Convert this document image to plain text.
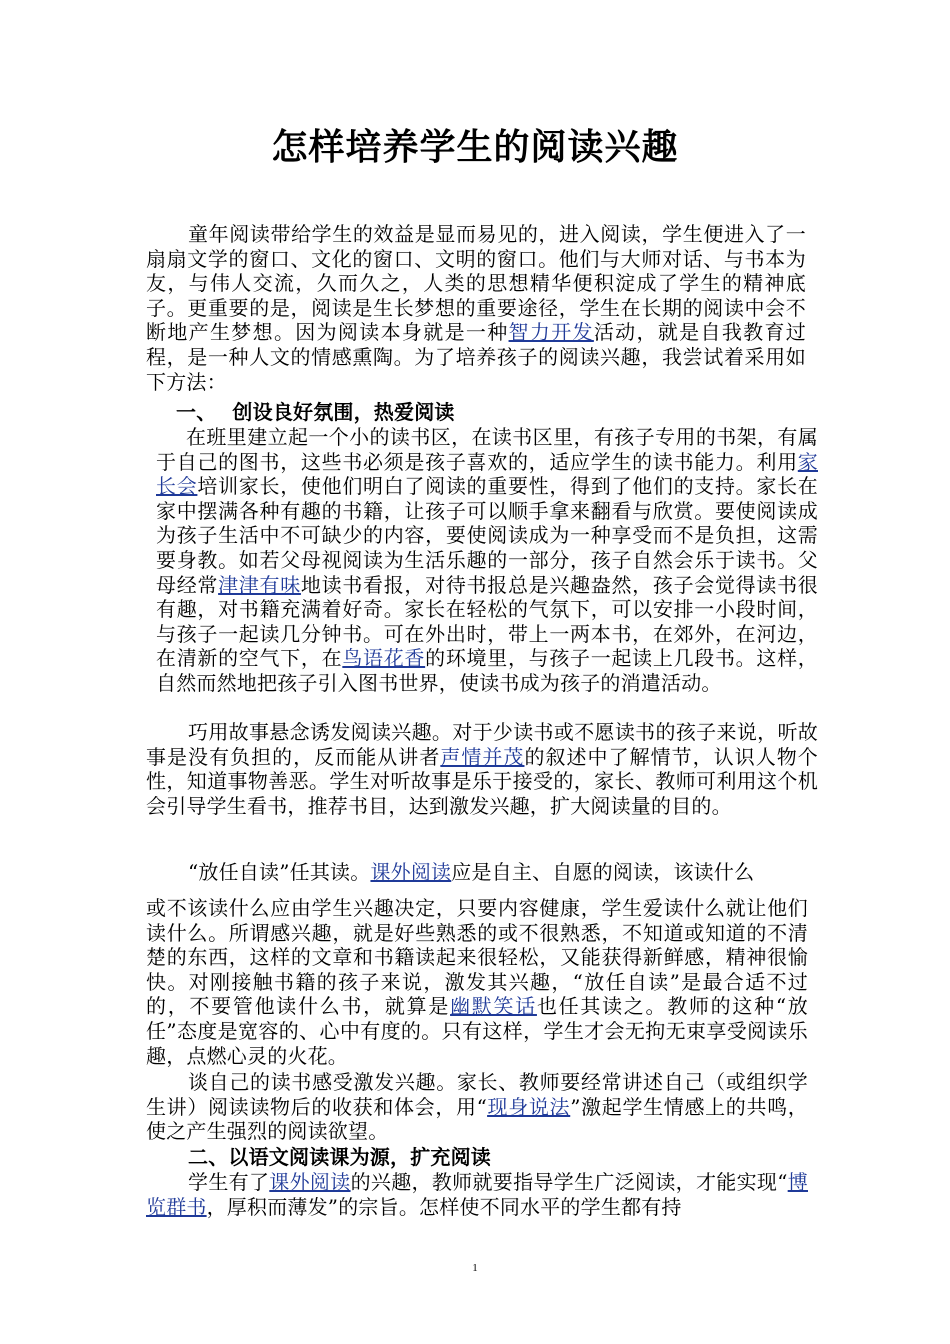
怎样培养学生的阅读兴趣

童年阅读带给学生的效益是显而易见的，进入阅读，学生便进入了一扇扇文学的窗口、文化的窗口、文明的窗口。他们与大师对话、与书本为友，与伟人交流，久而久之，人类的思想精华便积淀成了学生的精神底子。更重要的是，阅读是生长梦想的重要途径，学生在长期的阅读中会不断地产生梦想。因为阅读本身就是一种智力开发活动，就是自我教育过程，是一种人文的情感熏陶。为了培养孩子的阅读兴趣，我尝试着采用如下方法：

一、 创设良好氛围，热爱阅读

在班里建立起一个小的读书区，在读书区里，有孩子专用的书架，有属于自己的图书，这些书必须是孩子喜欢的，适应学生的读书能力。利用家长会培训家长，使他们明白了阅读的重要性，得到了他们的支持。家长在家中摆满各种有趣的书籍，让孩子可以顺手拿来翻看与欣赏。要使阅读成为孩子生活中不可缺少的内容，要使阅读成为一种享受而不是负担，这需要身教。如若父母视阅读为生活乐趣的一部分，孩子自然会乐于读书。父母经常津津有味地读书看报，对待书报总是兴趣盎然，孩子会觉得读书很有趣，对书籍充满着好奇。家长在轻松的气氛下，可以安排一小段时间，与孩子一起读几分钟书。可在外出时，带上一两本书，在郊外，在河边，在清新的空气下，在鸟语花香的环境里，与孩子一起读上几段书。这样，自然而然地把孩子引入图书世界，使读书成为孩子的消遣活动。

巧用故事悬念诱发阅读兴趣。对于少读书或不愿读书的孩子来说，听故事是没有负担的，反而能从讲者声情并茂的叙述中了解情节，认识人物个性，知道事物善恶。学生对听故事是乐于接受的，家长、教师可利用这个机会引导学生看书，推荐书目，达到激发兴趣，扩大阅读量的目的。

“放任自读”任其读。课外阅读应是自主、自愿的阅读，该读什么

或不该读什么应由学生兴趣决定，只要内容健康，学生爱读什么就让他们读什么。所谓感兴趣，就是好些熟悉的或不很熟悉，不知道或知道的不清楚的东西，这样的文章和书籍读起来很轻松，又能获得新鲜感，精神很愉快。对刚接触书籍的孩子来说，激发其兴趣，“放任自读”是最合适不过的，不要管他读什么书，就算是幽默笑话也任其读之。教师的这种“放任”态度是宽容的、心中有度的。只有这样，学生才会无拘无束享受阅读乐趣，点燃心灵的火花。

谈自己的读书感受激发兴趣。家长、教师要经常讲述自己（或组织学生讲）阅读读物后的收获和体会，用“现身说法”激起学生情感上的共鸣，使之产生强烈的阅读欲望。

二、以语文阅读课为源，扩充阅读

学生有了课外阅读的兴趣，教师就要指导学生广泛阅读，才能实现“博览群书，厚积而薄发”的宗旨。怎样使不同水平的学生都有持

1
